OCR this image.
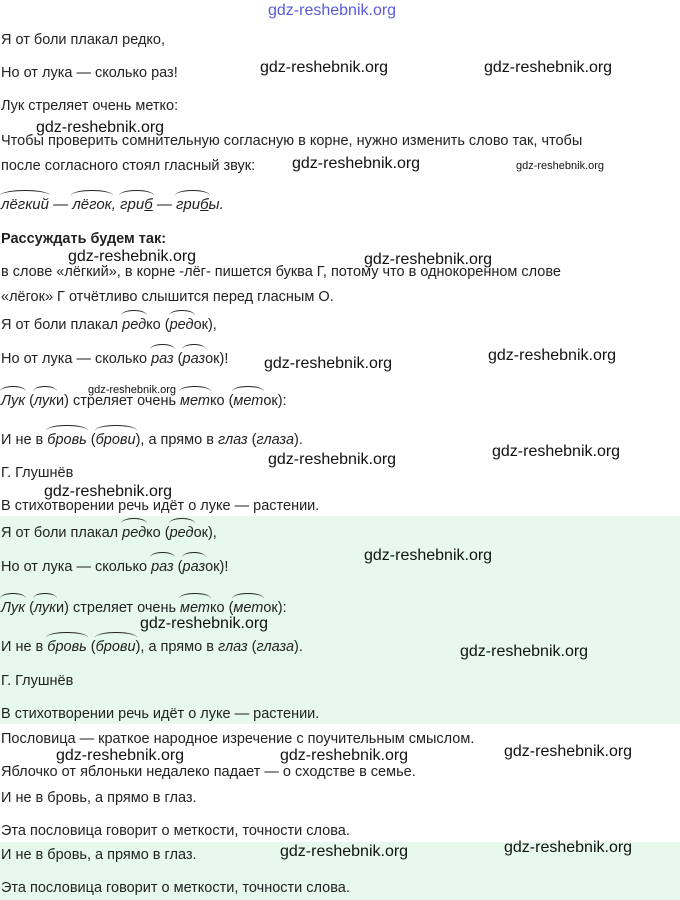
Я от боли плакал редко,
Но от лука — сколько раз!
Лук стреляет очень метко:
Чтобы проверить сомнительную согласную в корне, нужно изменить слово так, чтобы
после согласного стоял гласный звук:
лёгкий — лёгок, гриб — грибы.
Рассуждать будем так:
в слове «лёгкий», в корне -лёг- пишется буква Г, потому что в однокоренном слове
«лёгок» Г отчётливо слышится перед гласным О.
Я от боли плакал редко (редок),
Но от лука — сколько раз (разок)!
Лук (луки) стреляет очень метко (меток):
И не в бровь (брови), а прямо в глаз (глаза).
Г. Глушнёв
В стихотворении речь идёт о луке — растении.
Я от боли плакал редко (редок),
Но от лука — сколько раз (разок)!
Лук (луки) стреляет очень метко (меток):
И не в бровь (брови), а прямо в глаз (глаза).
Г. Глушнёв
В стихотворении речь идёт о луке — растении.
Пословица — краткое народное изречение с поучительным смыслом.
Яблочко от яблоньки недалеко падает — о сходстве в семье.
И не в бровь, а прямо в глаз.
Эта пословица говорит о меткости, точности слова.
И не в бровь, а прямо в глаз.
Эта пословица говорит о меткости, точности слова.
gdz-reshebnik.org
gdz-reshebnik.org	gdz-reshebnik.org
gdz-reshebnik.org
gdz-reshebnik.org	gdz-reshebnik.org
gdz-reshebnik.org	gdz-reshebnik.org
gdz-reshebnik.org
gdz-reshebnik.org
gdz-reshebnik.org
gdz-reshebnik.org
gdz-reshebnik.org
gdz-reshebnik.org
gdz-reshebnik.org
gdz-reshebnik.org
gdz-reshebnik.org
gdz-reshebnik.org	gdz-reshebnik.org	gdz-reshebnik.org
gdz-reshebnik.org	gdz-reshebnik.org
